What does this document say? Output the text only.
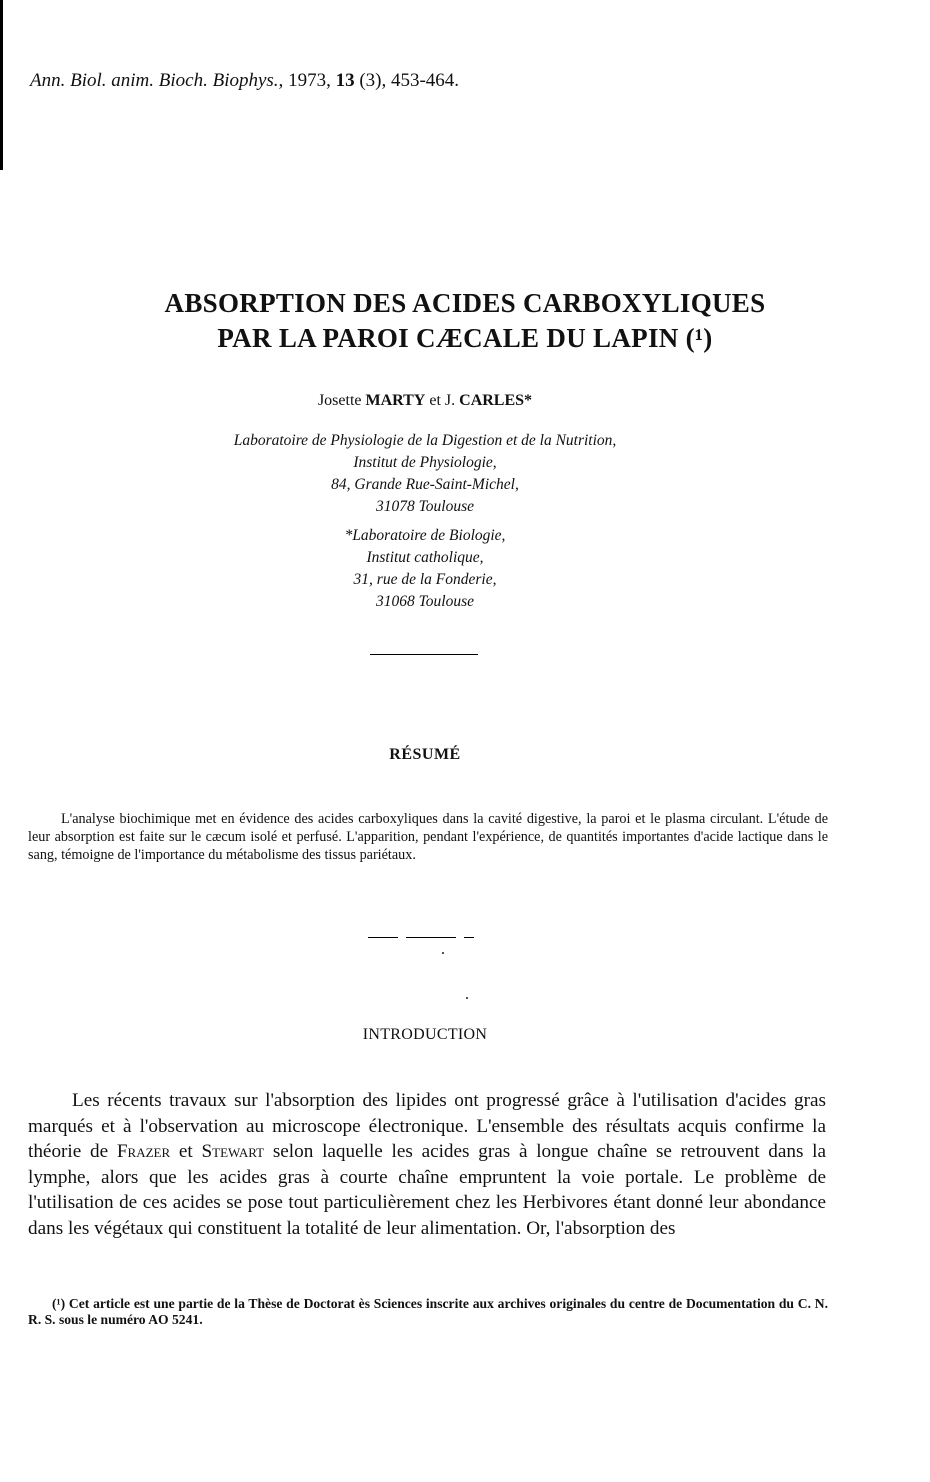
Ann. Biol. anim. Bioch. Biophys., 1973, 13 (3), 453-464.
ABSORPTION DES ACIDES CARBOXYLIQUES
PAR LA PAROI CÆCALE DU LAPIN (¹)
Josette MARTY et J. CARLES*
Laboratoire de Physiologie de la Digestion et de la Nutrition,
Institut de Physiologie,
84, Grande Rue-Saint-Michel,
31078 Toulouse
*Laboratoire de Biologie,
Institut catholique,
31, rue de la Fonderie,
31068 Toulouse
RÉSUMÉ

L'analyse biochimique met en évidence des acides carboxyliques dans la cavité digestive, la paroi et le plasma circulant. L'étude de leur absorption est faite sur le cæcum isolé et perfusé. L'apparition, pendant l'expérience, de quantités importantes d'acide lactique dans le sang, témoigne de l'importance du métabolisme des tissus pariétaux.

INTRODUCTION

Les récents travaux sur l'absorption des lipides ont progressé grâce à l'utilisation d'acides gras marqués et à l'observation au microscope électronique. L'ensemble des résultats acquis confirme la théorie de Frazer et Stewart selon laquelle les acides gras à longue chaîne se retrouvent dans la lymphe, alors que les acides gras à courte chaîne empruntent la voie portale. Le problème de l'utilisation de ces acides se pose tout particulièrement chez les Herbivores étant donné leur abondance dans les végétaux qui constituent la totalité de leur alimentation. Or, l'absorption des

(¹) Cet article est une partie de la Thèse de Doctorat ès Sciences inscrite aux archives originales du centre de Documentation du C. N. R. S. sous le numéro AO 5241.
